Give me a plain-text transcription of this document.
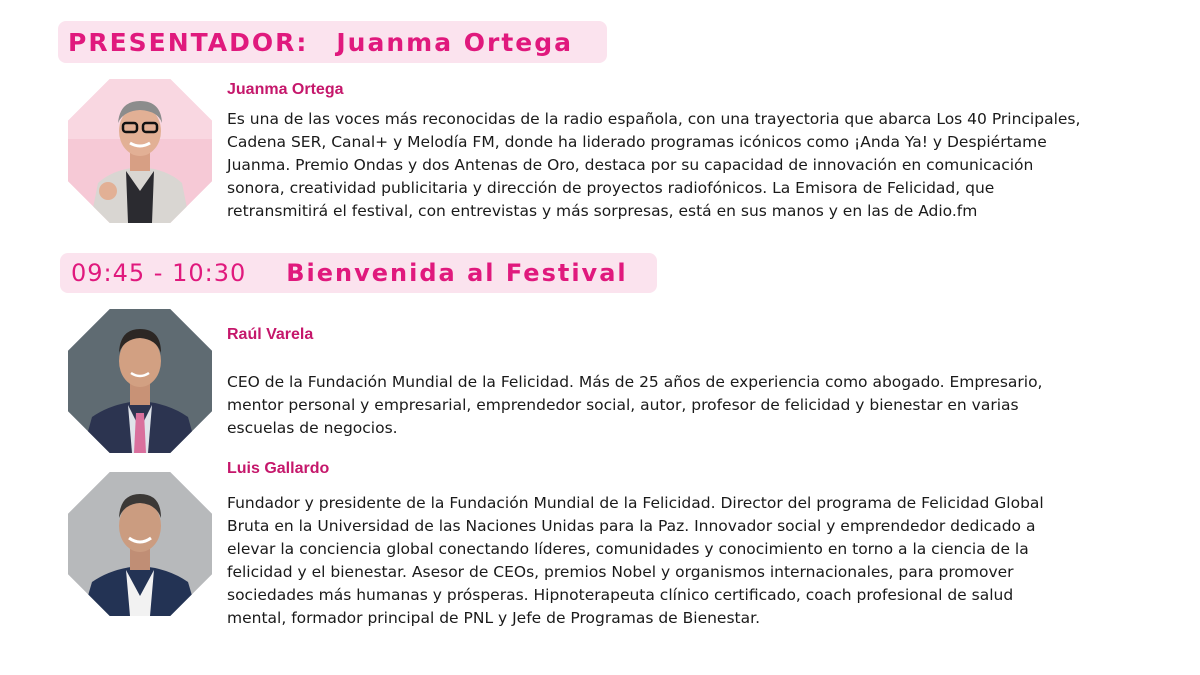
PRESENTADOR: Juanma Ortega
Juanma Ortega
Es una de las voces más reconocidas de la radio española, con una trayectoria que abarca Los 40 Principales,
Cadena SER, Canal+ y Melodía FM, donde ha liderado programas icónicos como ¡Anda Ya! y Despiértame
Juanma. Premio Ondas y dos Antenas de Oro, destaca por su capacidad de innovación en comunicación
sonora, creatividad publicitaria y dirección de proyectos radiofónicos. La Emisora de Felicidad, que
retransmitirá el festival, con entrevistas y más sorpresas, está en sus manos y en las de Adio.fm
09:45 - 10:30 Bienvenida al Festival
Raúl Varela
CEO de la Fundación Mundial de la Felicidad. Más de 25 años de experiencia como abogado. Empresario,
mentor personal y empresarial, emprendedor social, autor, profesor de felicidad y bienestar en varias
escuelas de negocios.
Luis Gallardo
Fundador y presidente de la Fundación Mundial de la Felicidad. Director del programa de Felicidad Global
Bruta en la Universidad de las Naciones Unidas para la Paz. Innovador social y emprendedor dedicado a
elevar la conciencia global conectando líderes, comunidades y conocimiento en torno a la ciencia de la
felicidad y el bienestar. Asesor de CEOs, premios Nobel y organismos internacionales, para promover
sociedades más humanas y prósperas. Hipnoterapeuta clínico certificado, coach profesional de salud
mental, formador principal de PNL y Jefe de Programas de Bienestar.
